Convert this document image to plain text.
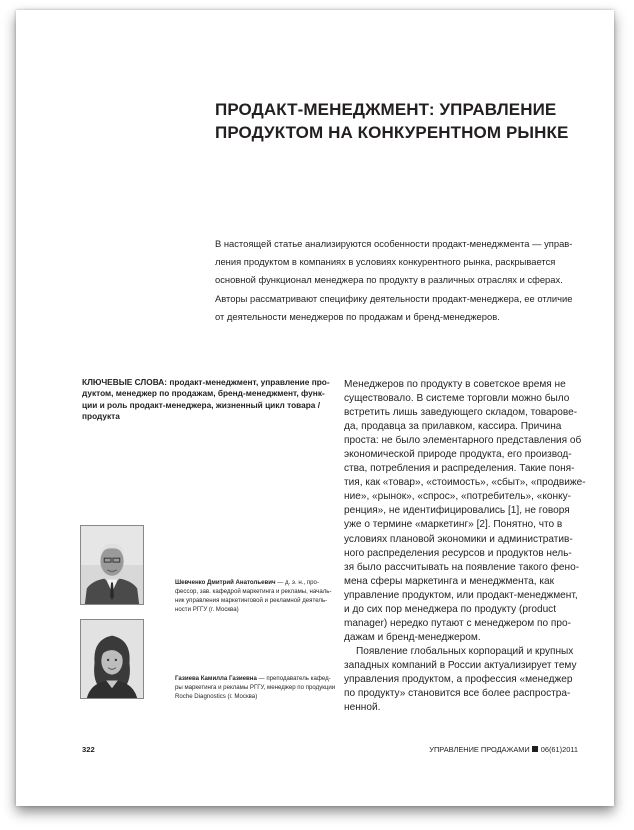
ПРОДАКТ-МЕНЕДЖМЕНТ: УПРАВЛЕНИЕ
ПРОДУКТОМ НА КОНКУРЕНТНОМ РЫНКЕ
В настоящей статье анализируются особенности продакт-менеджмента — управ-
ления продуктом в компаниях в условиях конкурентного рынка, раскрывается
основной функционал менеджера по продукту в различных отраслях и сферах.
Авторы рассматривают специфику деятельности продакт-менеджера, ее отличие
от деятельности менеджеров по продажам и бренд-менеджеров.
КЛЮЧЕВЫЕ СЛОВА: продакт-менеджмент, управление про-
дуктом, менеджер по продажам, бренд-менеджмент, функ-
ции и роль продакт-менеджера, жизненный цикл товара /
продукта
Шевченко Дмитрий Анатольевич — д. э. н., про-
фессор, зав. кафедрой маркетинга и рекламы, началь-
ник управления маркетинговой и рекламной деятель-
ности РГГУ (г. Москва)
Газиева Камилла Газиевна — преподаватель кафед-
ры маркетинга и рекламы РГГУ, менеджер по продукции
Roche Diagnostics (г. Москва)
Менеджеров по продукту в советское время не
существовало. В системе торговли можно было
встретить лишь заведующего складом, товарове-
да, продавца за прилавком, кассира. Причина
проста: не было элементарного представления об
экономической природе продукта, его производ-
ства, потребления и распределения. Такие поня-
тия, как «товар», «стоимость», «сбыт», «продвиже-
ние», «рынок», «спрос», «потребитель», «конку-
ренция», не идентифицировались [1], не говоря
уже о термине «маркетинг» [2]. Понятно, что в
условиях плановой экономики и административ-
ного распределения ресурсов и продуктов нель-
зя было рассчитывать на появление такого фено-
мена сферы маркетинга и менеджмента, как
управление продуктом, или продакт-менеджмент,
и до сих пор менеджера по продукту (product
manager) нередко путают с менеджером по про-
дажам и бренд-менеджером.
Появление глобальных корпораций и крупных
западных компаний в России актуализирует тему
управления продуктом, а профессия «менеджер
по продукту» становится все более распростра-
ненной.
322	УПРАВЛЕНИЕ ПРОДАЖАМИ 06(61)2011
